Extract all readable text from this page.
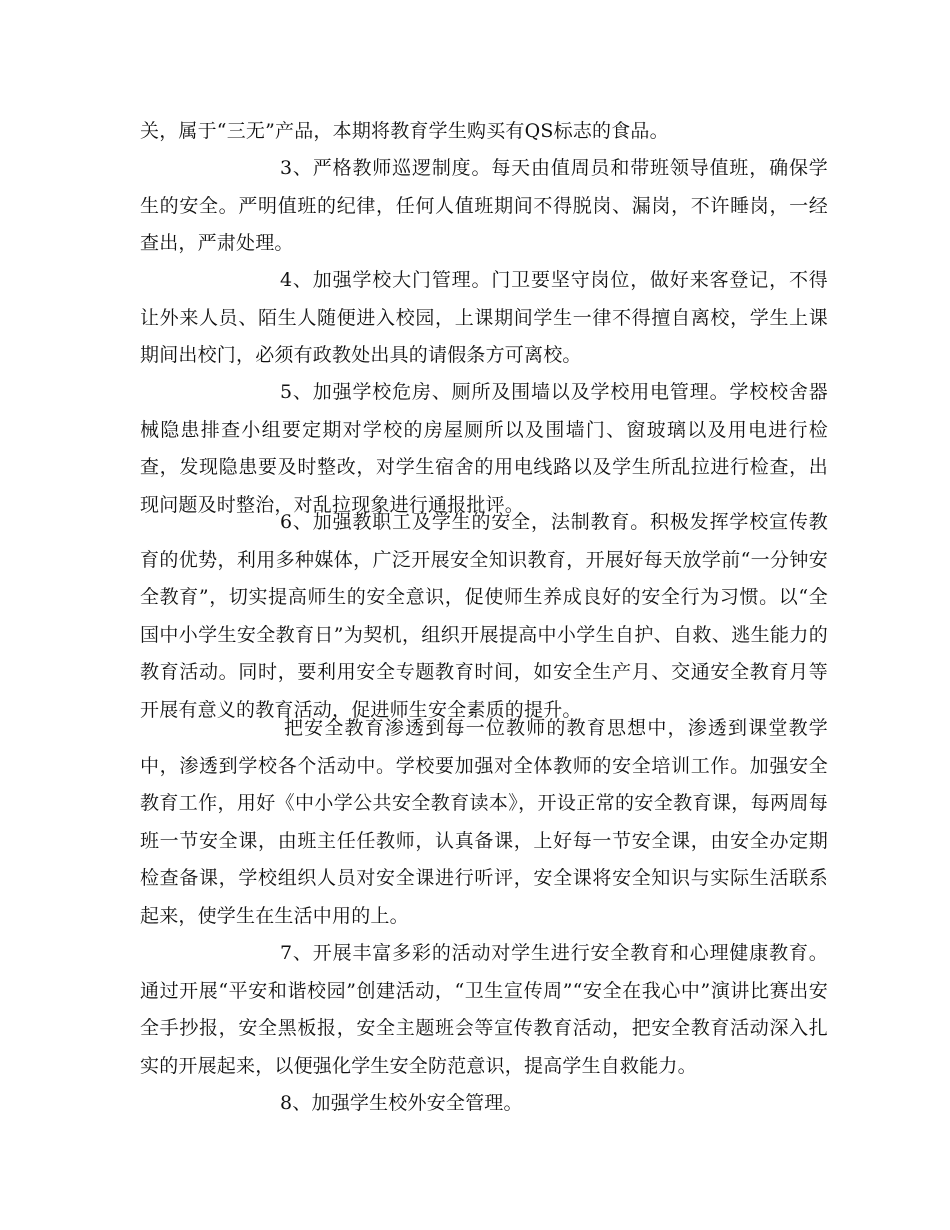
关，属于“三无”产品，本期将教育学生购买有QS标志的食品。

3、严格教师巡逻制度。每天由值周员和带班领导值班，确保学生的安全。严明值班的纪律，任何人值班期间不得脱岗、漏岗，不许睡岗，一经查出，严肃处理。

4、加强学校大门管理。门卫要坚守岗位，做好来客登记，不得让外来人员、陌生人随便进入校园，上课期间学生一律不得擅自离校，学生上课期间出校门，必须有政教处出具的请假条方可离校。

5、加强学校危房、厕所及围墙以及学校用电管理。学校校舍器械隐患排查小组要定期对学校的房屋厕所以及围墙门、窗玻璃以及用电进行检查，发现隐患要及时整改，对学生宿舍的用电线路以及学生所乱拉进行检查，出现问题及时整治，对乱拉现象进行通报批评。

6、加强教职工及学生的安全，法制教育。积极发挥学校宣传教育的优势，利用多种媒体，广泛开展安全知识教育，开展好每天放学前“一分钟安全教育”，切实提高师生的安全意识，促使师生养成良好的安全行为习惯。以“全国中小学生安全教育日”为契机，组织开展提高中小学生自护、自救、逃生能力的教育活动。同时，要利用安全专题教育时间，如安全生产月、交通安全教育月等开展有意义的教育活动，促进师生安全素质的提升。

把安全教育渗透到每一位教师的教育思想中，渗透到课堂教学中，渗透到学校各个活动中。学校要加强对全体教师的安全培训工作。加强安全教育工作，用好《中小学公共安全教育读本》，开设正常的安全教育课，每两周每班一节安全课，由班主任任教师，认真备课，上好每一节安全课，由安全办定期检查备课，学校组织人员对安全课进行听评，安全课将安全知识与实际生活联系起来，使学生在生活中用的上。

7、开展丰富多彩的活动对学生进行安全教育和心理健康教育。通过开展“平安和谐校园”创建活动，“卫生宣传周”“安全在我心中”演讲比赛出安全手抄报，安全黑板报，安全主题班会等宣传教育活动，把安全教育活动深入扎实的开展起来，以便强化学生安全防范意识，提高学生自救能力。

8、加强学生校外安全管理。
